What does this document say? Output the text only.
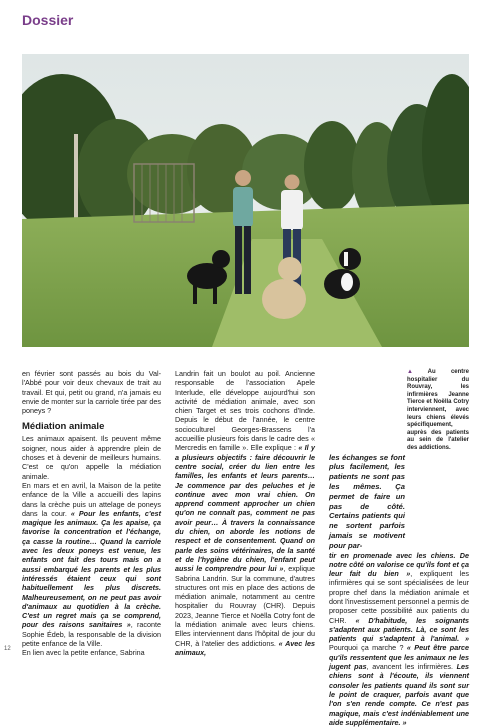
Dossier

en février sont passés au bois du Val-l'Abbé pour voir deux chevaux de trait au travail. Et qui, petit ou grand, n'a jamais eu envie de monter sur la carriole tirée par des poneys ?

Médiation animale

Les animaux apaisent. Ils peuvent même soigner, nous aider à apprendre plein de choses et à devenir de meilleurs humains. C'est ce qu'on appelle la médiation animale.

En mars et en avril, la Maison de la petite enfance de la Ville a accueilli des lapins dans la crèche puis un attelage de poneys dans la cour. « Pour les enfants, c'est magique les animaux. Ça les apaise, ça favorise la concentration et l'échange, ça casse la routine… Quand la carriole avec les deux poneys est venue, les enfants ont fait des tours mais on a aussi embarqué les parents et les plus intéressés étaient ceux qui sont habituellement les plus discrets. Malheureusement, on ne peut pas avoir d'animaux au quotidien à la crèche. C'est un regret mais ça se comprend, pour des raisons sanitaires », raconte Sophie Édeb, la responsable de la division petite enfance de la Ville.

En lien avec la petite enfance, Sabrina

Landrin fait un boulot au poil. Ancienne responsable de l'association Apele Interlude, elle développe aujourd'hui son activité de médiation animale, avec son chien Target et ses trois cochons d'Inde. Depuis le début de l'année, le centre socioculturel Georges-Brassens l'a accueillie plusieurs fois dans le cadre des « Mercredis en famille ». Elle explique : « Il y a plusieurs objectifs : faire découvrir le centre social, créer du lien entre les familles, les enfants et leurs parents… Je commence par des peluches et je continue avec mon vrai chien. On apprend comment approcher un chien qu'on ne connaît pas, comment ne pas avoir peur… À travers la connaissance du chien, on aborde les notions de respect et de consentement. Quand on parle des soins vétérinaires, de la santé et de l'hygiène du chien, l'enfant peut aussi le comprendre pour lui », explique Sabrina Landrin. Sur la commune, d'autres structures ont mis en place des actions de médiation animale, notamment au centre hospitalier du Rouvray (CHR). Depuis 2023, Jeanne Tierce et Noëlla Cotry font de la médiation animale avec leurs chiens. Elles interviennent dans l'hôpital de jour du CHR, à l'atelier des addictions. « Avec les animaux,

▲Au centre hospitalier du Rouvray, les infirmières Jeanne Tierce et Noëlla Cotry interviennent, avec leurs chiens élevés spécifiquement, auprès des patients au sein de l'atelier des addictions.
les échanges se font plus facilement, les patients ne sont pas les mêmes. Ça permet de faire un pas de côté. Certains patients qui ne sortent parfois jamais se motivent pour par-

tir en promenade avec les chiens. De notre côté on valorise ce qu'ils font et ça leur fait du bien », expliquent les infirmières qui se sont spécialisées de leur propre chef dans la médiation animale et dont l'investissement personnel a permis de proposer cette possibilité aux patients du CHR. « D'habitude, les soignants s'adaptent aux patients. Là, ce sont les patients qui s'adaptent à l'animal. » Pourquoi ça marche ? « Peut être parce qu'ils ressentent que les animaux ne les jugent pas, avancent les infirmières. Les chiens sont à l'écoute, ils viennent consoler les patients quand ils sont sur le point de craquer, parfois avant que l'on s'en rende compte. Ce n'est pas magique, mais c'est indéniablement une aide supplémentaire. »

12
